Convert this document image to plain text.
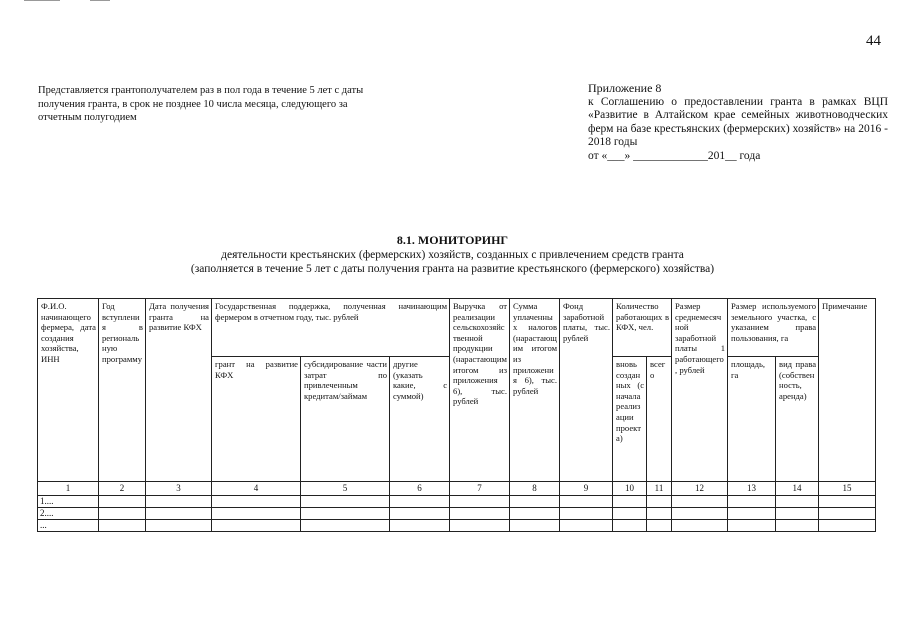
44
Представляется грантополучателем раз в пол года в течение 5 лет с даты получения гранта, в срок не позднее 10 числа месяца, следующего за отчетным полугодием
Приложение 8
к Соглашению о предоставлении гранта в рамках ВЦП «Развитие в Алтайском крае семейных животноводческих ферм на базе крестьянских (фермерских) хозяйств» на 2016 - 2018 годы
от «___» _____________201__ года
8.1. МОНИТОРИНГ
деятельности крестьянских (фермерских) хозяйств, созданных с привлечением средств гранта
(заполняется в течение 5 лет с даты получения гранта на развитие крестьянского (фермерского) хозяйства)
Ф.И.О. начинающего фермера, дата создания хозяйства, ИНН	Год вступления в региональную программу	Дата получения гранта на развитие КФХ	Государственная поддержка, полученная начинающим фермером в отчетном году, тыс. рублей			Выручка от реализации сельскохозяйственной продукции (нарастающим итогом из приложения 6), тыс. рублей	Сумма уплаченных налогов (нарастающим итогом из приложения 6), тыс. рублей	Фонд заработной платы, тыс. рублей	Количество работающих в КФХ, чел.		Размер среднемесячной заработной платы 1 работающего, рублей	Размер используемого земельного участка, с указанием права пользования, га		Примечание
			грант на развитие КФХ	субсидирование части затрат по привлеченным кредитам/займам	другие (указать какие, с суммой)				вновь созданных (с начала реализации проекта)	всего		площадь, га	вид права (собственность, аренда)	
1	2	3	4	5	6	7	8	9	10	11	12	13	14	15
1....														
2....														
...														
